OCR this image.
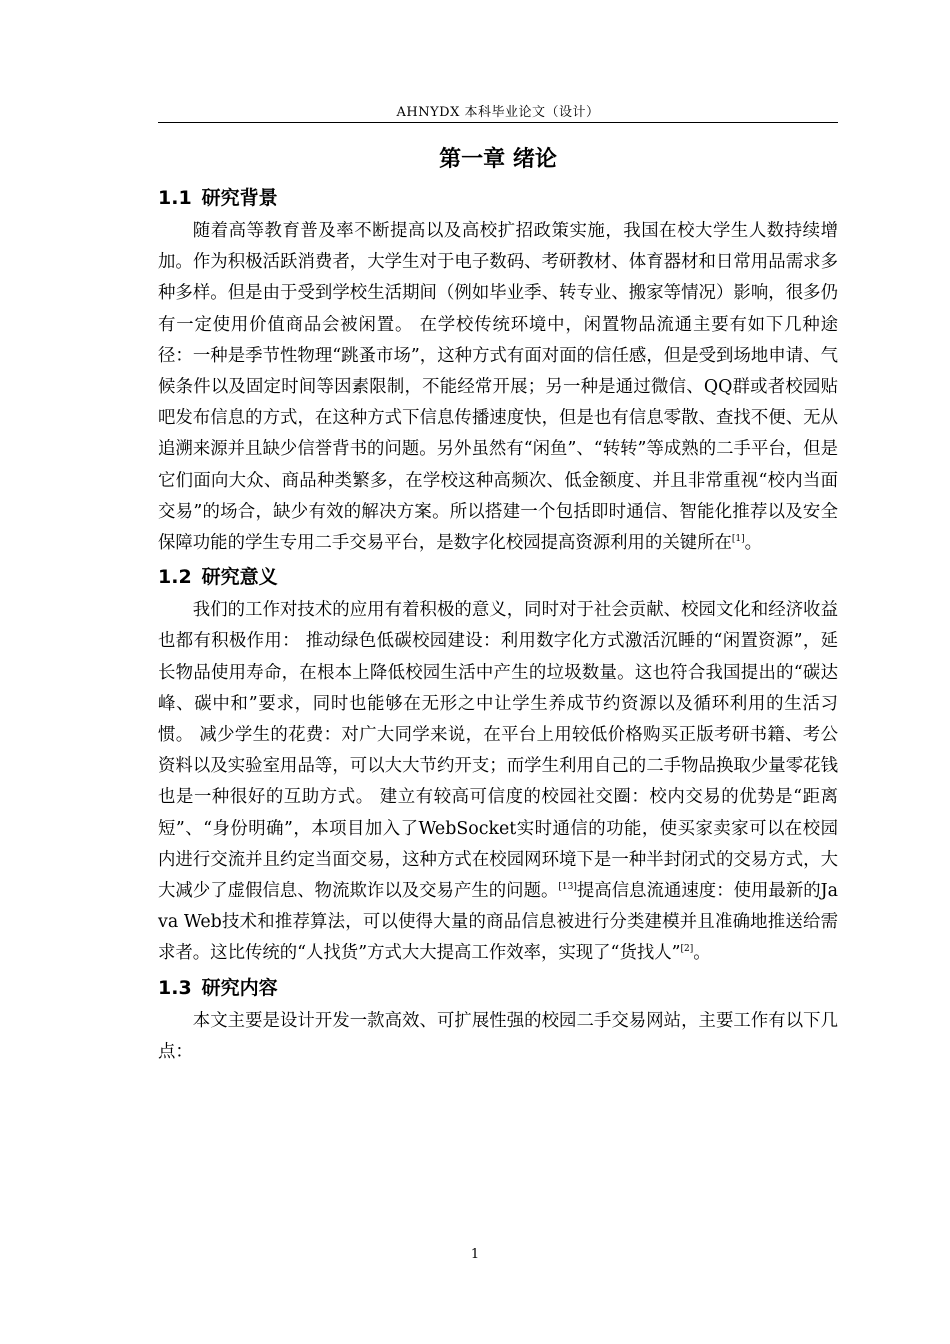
AHNYDX 本科毕业论文（设计）
第一章 绪论
1.1 研究背景

随着高等教育普及率不断提高以及高校扩招政策实施，我国在校大学生人数持续增加。作为积极活跃消费者，大学生对于电子数码、考研教材、体育器材和日常用品需求多种多样。但是由于受到学校生活期间（例如毕业季、转专业、搬家等情况）影响，很多仍有一定使用价值商品会被闲置。 在学校传统环境中，闲置物品流通主要有如下几种途径：一种是季节性物理“跳蚤市场”，这种方式有面对面的信任感，但是受到场地申请、气候条件以及固定时间等因素限制，不能经常开展；另一种是通过微信、QQ群或者校园贴吧发布信息的方式，在这种方式下信息传播速度快，但是也有信息零散、查找不便、无从追溯来源并且缺少信誉背书的问题。另外虽然有“闲鱼”、“转转”等成熟的二手平台，但是它们面向大众、商品种类繁多，在学校这种高频次、低金额度、并且非常重视“校内当面交易”的场合，缺少有效的解决方案。所以搭建一个包括即时通信、智能化推荐以及安全保障功能的学生专用二手交易平台，是数字化校园提高资源利用的关键所在[1]。

1.2 研究意义

我们的工作对技术的应用有着积极的意义，同时对于社会贡献、校园文化和经济收益也都有积极作用： 推动绿色低碳校园建设：利用数字化方式激活沉睡的“闲置资源”，延长物品使用寿命，在根本上降低校园生活中产生的垃圾数量。这也符合我国提出的“碳达峰、碳中和”要求，同时也能够在无形之中让学生养成节约资源以及循环利用的生活习惯。 减少学生的花费：对广大同学来说，在平台上用较低价格购买正版考研书籍、考公资料以及实验室用品等，可以大大节约开支；而学生利用自己的二手物品换取少量零花钱也是一种很好的互助方式。 建立有较高可信度的校园社交圈：校内交易的优势是“距离短”、“身份明确”，本项目加入了WebSocket实时通信的功能，使买家卖家可以在校园内进行交流并且约定当面交易，这种方式在校园网环境下是一种半封闭式的交易方式，大大减少了虚假信息、物流欺诈以及交易产生的问题。[13]提高信息流通速度：使用最新的Java Web技术和推荐算法，可以使得大量的商品信息被进行分类建模并且准确地推送给需求者。这比传统的“人找货”方式大大提高工作效率，实现了“货找人”[2]。

1.3 研究内容

本文主要是设计开发一款高效、可扩展性强的校园二手交易网站，主要工作有以下几点：

1
